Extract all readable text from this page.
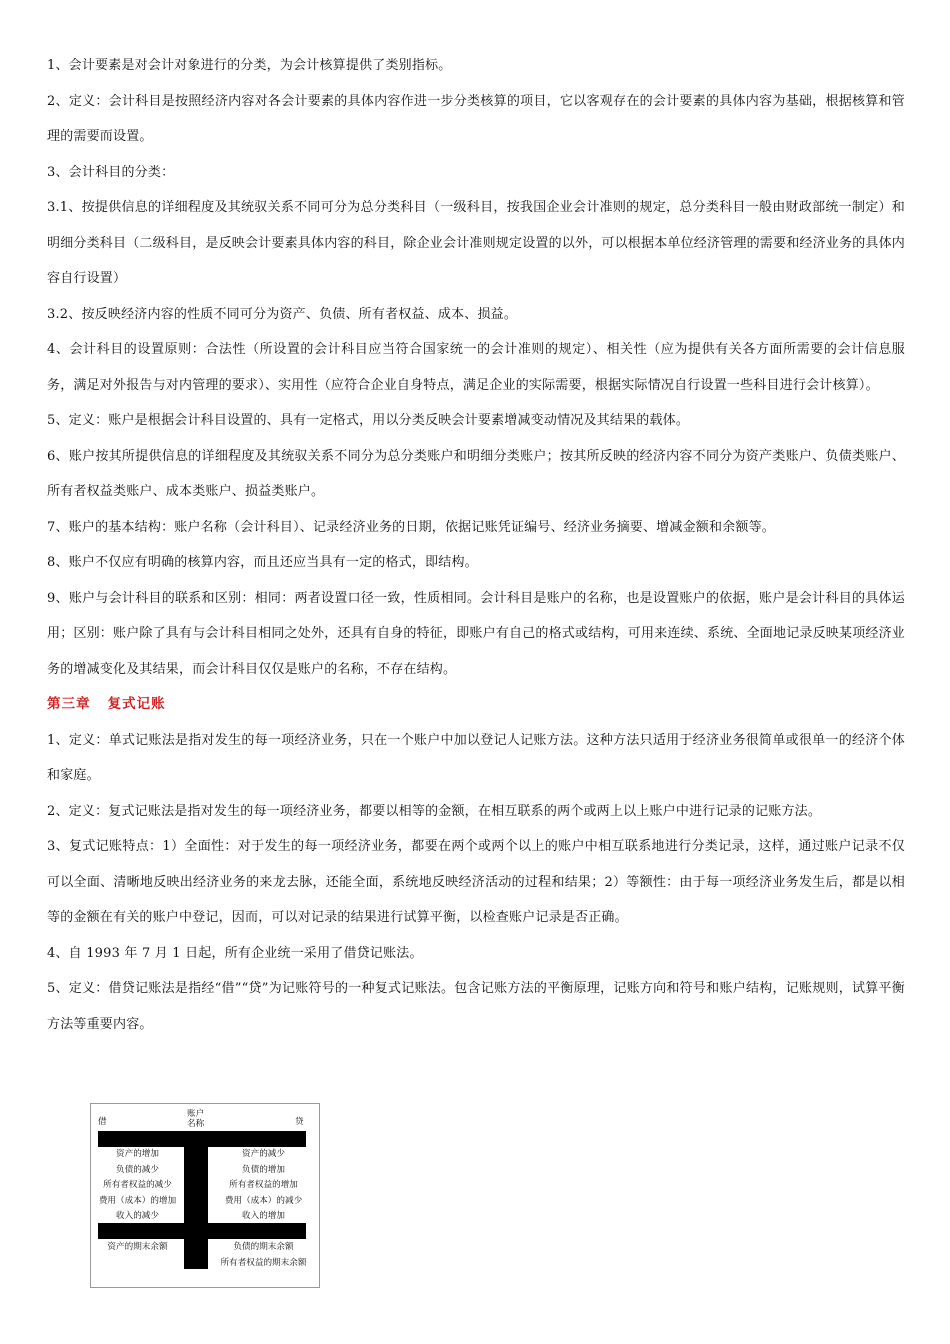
1、会计要素是对会计对象进行的分类，为会计核算提供了类别指标。

2、定义：会计科目是按照经济内容对各会计要素的具体内容作进一步分类核算的项目，它以客观存在的会计要素的具体内容为基础，根据核算和管理的需要而设置。

3、会计科目的分类：

3.1、按提供信息的详细程度及其统驭关系不同可分为总分类科目（一级科目，按我国企业会计准则的规定，总分类科目一般由财政部统一制定）和明细分类科目（二级科目，是反映会计要素具体内容的科目，除企业会计准则规定设置的以外，可以根据本单位经济管理的需要和经济业务的具体内容自行设置）

3.2、按反映经济内容的性质不同可分为资产、负债、所有者权益、成本、损益。

4、会计科目的设置原则：合法性（所设置的会计科目应当符合国家统一的会计准则的规定）、相关性（应为提供有关各方面所需要的会计信息服务，满足对外报告与对内管理的要求）、实用性（应符合企业自身特点，满足企业的实际需要，根据实际情况自行设置一些科目进行会计核算）。

5、定义：账户是根据会计科目设置的、具有一定格式，用以分类反映会计要素增减变动情况及其结果的载体。

6、账户按其所提供信息的详细程度及其统驭关系不同分为总分类账户和明细分类账户；按其所反映的经济内容不同分为资产类账户、负债类账户、所有者权益类账户、成本类账户、损益类账户。

7、账户的基本结构：账户名称（会计科目）、记录经济业务的日期，依据记账凭证编号、经济业务摘要、增减金额和余额等。

8、账户不仅应有明确的核算内容，而且还应当具有一定的格式，即结构。

9、账户与会计科目的联系和区别：相同：两者设置口径一致，性质相同。会计科目是账户的名称，也是设置账户的依据，账户是会计科目的具体运用；区别：账户除了具有与会计科目相同之处外，还具有自身的特征，即账户有自己的格式或结构，可用来连续、系统、全面地记录反映某项经济业务的增减变化及其结果，而会计科目仅仅是账户的名称，不存在结构。

第三章   复式记账

1、定义：单式记账法是指对发生的每一项经济业务，只在一个账户中加以登记人记账方法。这种方法只适用于经济业务很简单或很单一的经济个体和家庭。

2、定义：复式记账法是指对发生的每一项经济业务，都要以相等的金额，在相互联系的两个或两上以上账户中进行记录的记账方法。

3、复式记账特点：1）全面性：对于发生的每一项经济业务，都要在两个或两个以上的账户中相互联系地进行分类记录，这样，通过账户记录不仅可以全面、清晰地反映出经济业务的来龙去脉，还能全面，系统地反映经济活动的过程和结果；2）等额性：由于每一项经济业务发生后，都是以相等的金额在有关的账户中登记，因而，可以对记录的结果进行试算平衡，以检查账户记录是否正确。

4、自 1993 年 7 月 1 日起，所有企业统一采用了借贷记账法。

5、定义：借贷记账法是指经“借”“贷”为记账符号的一种复式记账法。包含记账方法的平衡原理，记账方向和符号和账户结构，记账规则，试算平衡方法等重要内容。

借
账户
名称	贷
资产的增加
负债的减少
所有者权益的减少
费用（成本）的增加
收入的减少
资产的减少
负债的增加
所有者权益的增加
费用（成本）的减少
收入的增加
资产的期末余额	负债的期末余额
所有者权益的期末余额
